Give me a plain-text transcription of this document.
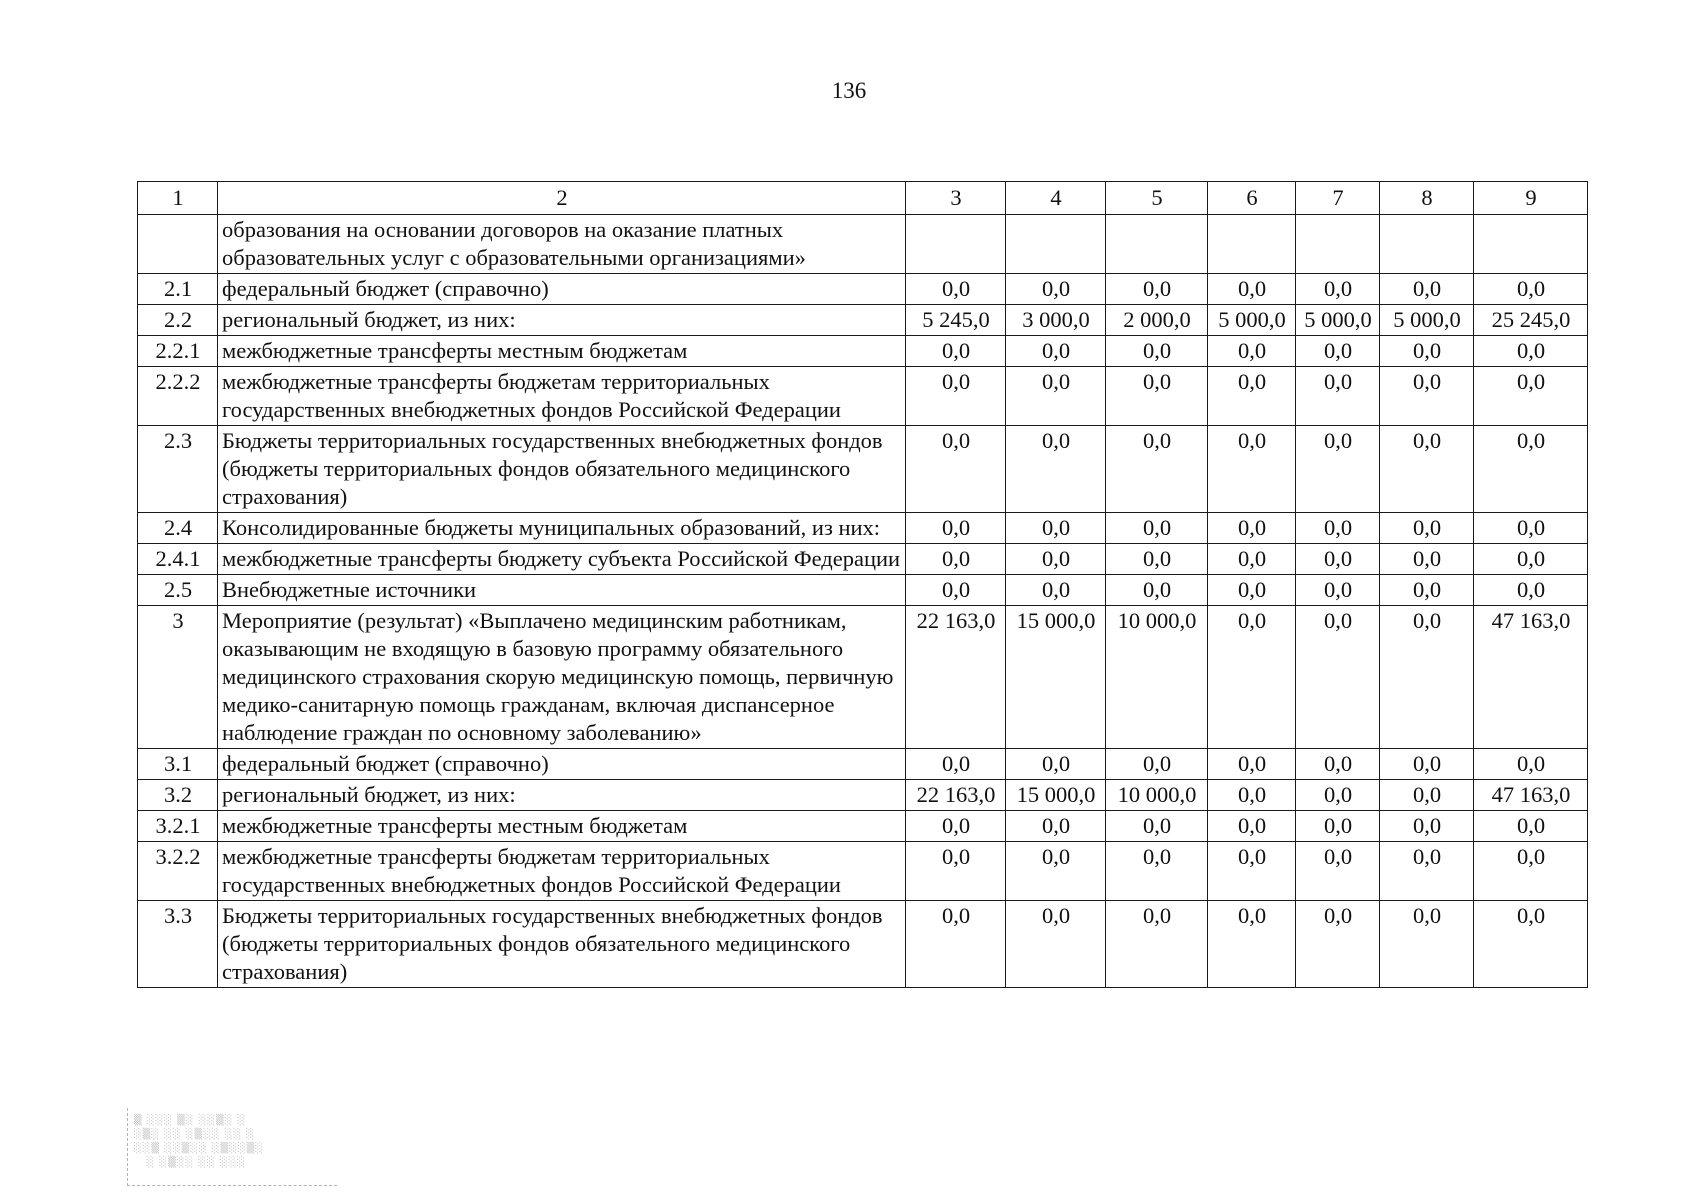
136
1	2	3	4	5	6	7	8	9
	образования на основании договоров на оказание платных образовательных услуг с образовательными организациями»							
2.1	федеральный бюджет (справочно)	0,0	0,0	0,0	0,0	0,0	0,0	0,0
2.2	региональный бюджет, из них:	5 245,0	3 000,0	2 000,0	5 000,0	5 000,0	5 000,0	25 245,0
2.2.1	межбюджетные трансферты местным бюджетам	0,0	0,0	0,0	0,0	0,0	0,0	0,0
2.2.2	межбюджетные трансферты бюджетам территориальных государственных внебюджетных фондов Российской Федерации	0,0	0,0	0,0	0,0	0,0	0,0	0,0
2.3	Бюджеты территориальных государственных внебюджетных фондов (бюджеты территориальных фондов обязательного медицинского страхования)	0,0	0,0	0,0	0,0	0,0	0,0	0,0
2.4	Консолидированные бюджеты муниципальных образований, из них:	0,0	0,0	0,0	0,0	0,0	0,0	0,0
2.4.1	межбюджетные трансферты бюджету субъекта Российской Федерации	0,0	0,0	0,0	0,0	0,0	0,0	0,0
2.5	Внебюджетные источники	0,0	0,0	0,0	0,0	0,0	0,0	0,0
3	Мероприятие (результат) «Выплачено медицинским работникам, оказывающим не входящую в базовую программу обязательного медицинского страхования скорую медицинскую помощь, первичную медико-санитарную помощь гражданам, включая диспансерное наблюдение граждан по основному заболеванию»	22 163,0	15 000,0	10 000,0	0,0	0,0	0,0	47 163,0
3.1	федеральный бюджет (справочно)	0,0	0,0	0,0	0,0	0,0	0,0	0,0
3.2	региональный бюджет, из них:	22 163,0	15 000,0	10 000,0	0,0	0,0	0,0	47 163,0
3.2.1	межбюджетные трансферты местным бюджетам	0,0	0,0	0,0	0,0	0,0	0,0	0,0
3.2.2	межбюджетные трансферты бюджетам территориальных государственных внебюджетных фондов Российской Федерации	0,0	0,0	0,0	0,0	0,0	0,0	0,0
3.3	Бюджеты территориальных государственных внебюджетных фондов (бюджеты территориальных фондов обязательного медицинского страхования)	0,0	0,0	0,0	0,0	0,0	0,0	0,0
▒ ░░░ ▒░ ░░▒░ ░
░▒░ ░░ ░▒░░ ░░ ░
░░▒ ░░▒░░ ░▒░░▒░
░ ░▒░░ ░░ ░░░
